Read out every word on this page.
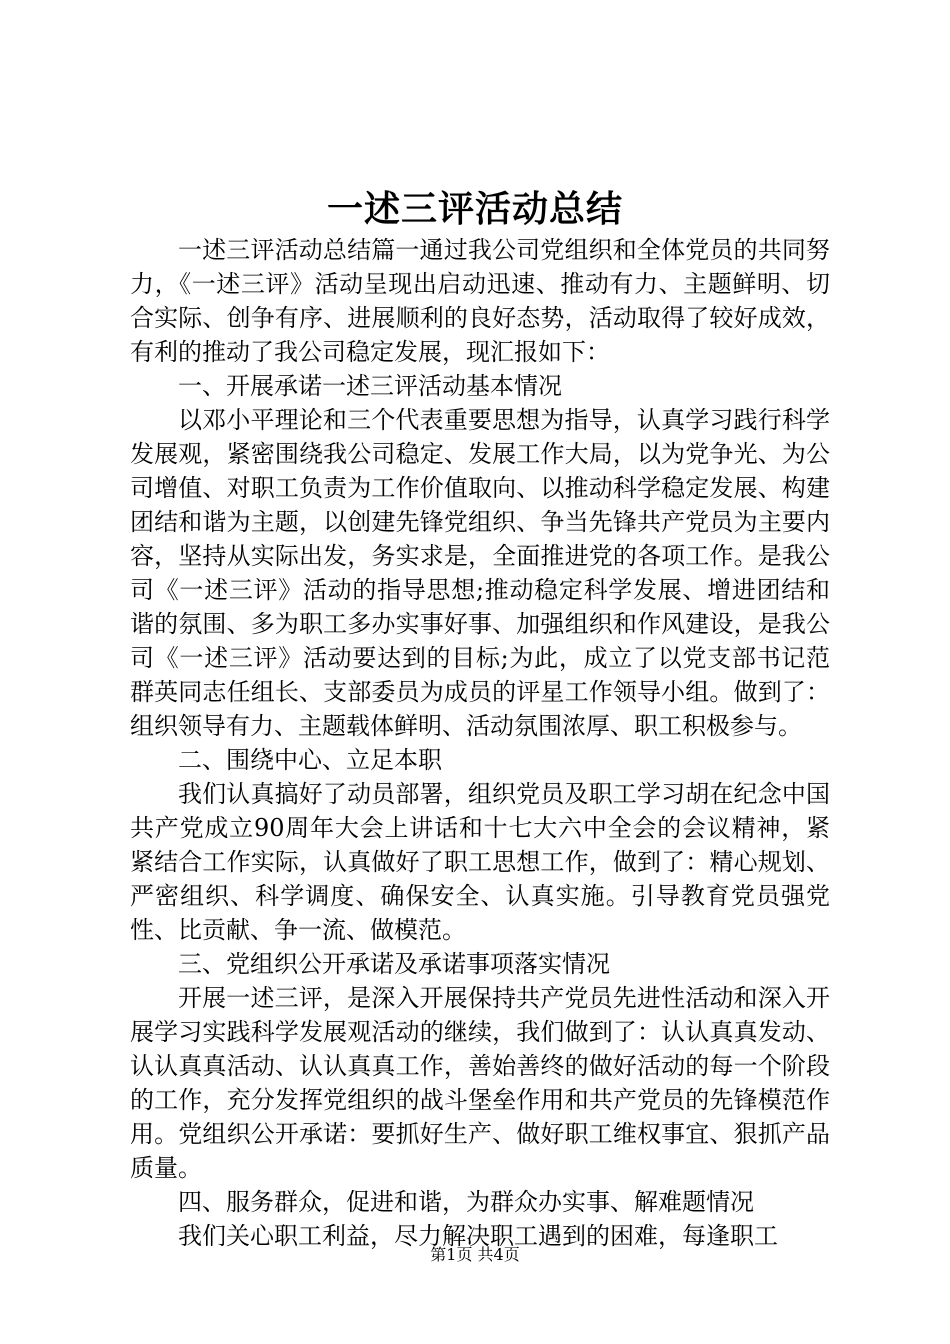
一述三评活动总结

一述三评活动总结篇一通过我公司党组织和全体党员的共同努力，《一述三评》活动呈现出启动迅速、推动有力、主题鲜明、切合实际、创争有序、进展顺利的良好态势，活动取得了较好成效，有利的推动了我公司稳定发展，现汇报如下：

一、开展承诺一述三评活动基本情况

以邓小平理论和三个代表重要思想为指导，认真学习践行科学发展观，紧密围绕我公司稳定、发展工作大局，以为党争光、为公司增值、对职工负责为工作价值取向、以推动科学稳定发展、构建团结和谐为主题，以创建先锋党组织、争当先锋共产党员为主要内容，坚持从实际出发，务实求是，全面推进党的各项工作。是我公司《一述三评》活动的指导思想;推动稳定科学发展、增进团结和谐的氛围、多为职工多办实事好事、加强组织和作风建设，是我公司《一述三评》活动要达到的目标;为此，成立了以党支部书记范群英同志任组长、支部委员为成员的评星工作领导小组。做到了：组织领导有力、主题载体鲜明、活动氛围浓厚、职工积极参与。

二、围绕中心、立足本职

我们认真搞好了动员部署，组织党员及职工学习胡在纪念中国共产党成立90周年大会上讲话和十七大六中全会的会议精神，紧紧结合工作实际，认真做好了职工思想工作，做到了：精心规划、严密组织、科学调度、确保安全、认真实施。引导教育党员强党性、比贡献、争一流、做模范。

三、党组织公开承诺及承诺事项落实情况

开展一述三评，是深入开展保持共产党员先进性活动和深入开展学习实践科学发展观活动的继续，我们做到了：认认真真发动、认认真真活动、认认真真工作，善始善终的做好活动的每一个阶段的工作，充分发挥党组织的战斗堡垒作用和共产党员的先锋模范作用。党组织公开承诺：要抓好生产、做好职工维权事宜、狠抓产品质量。

四、服务群众，促进和谐，为群众办实事、解难题情况

我们关心职工利益，尽力解决职工遇到的困难，每逢职工

第1页 共4页
